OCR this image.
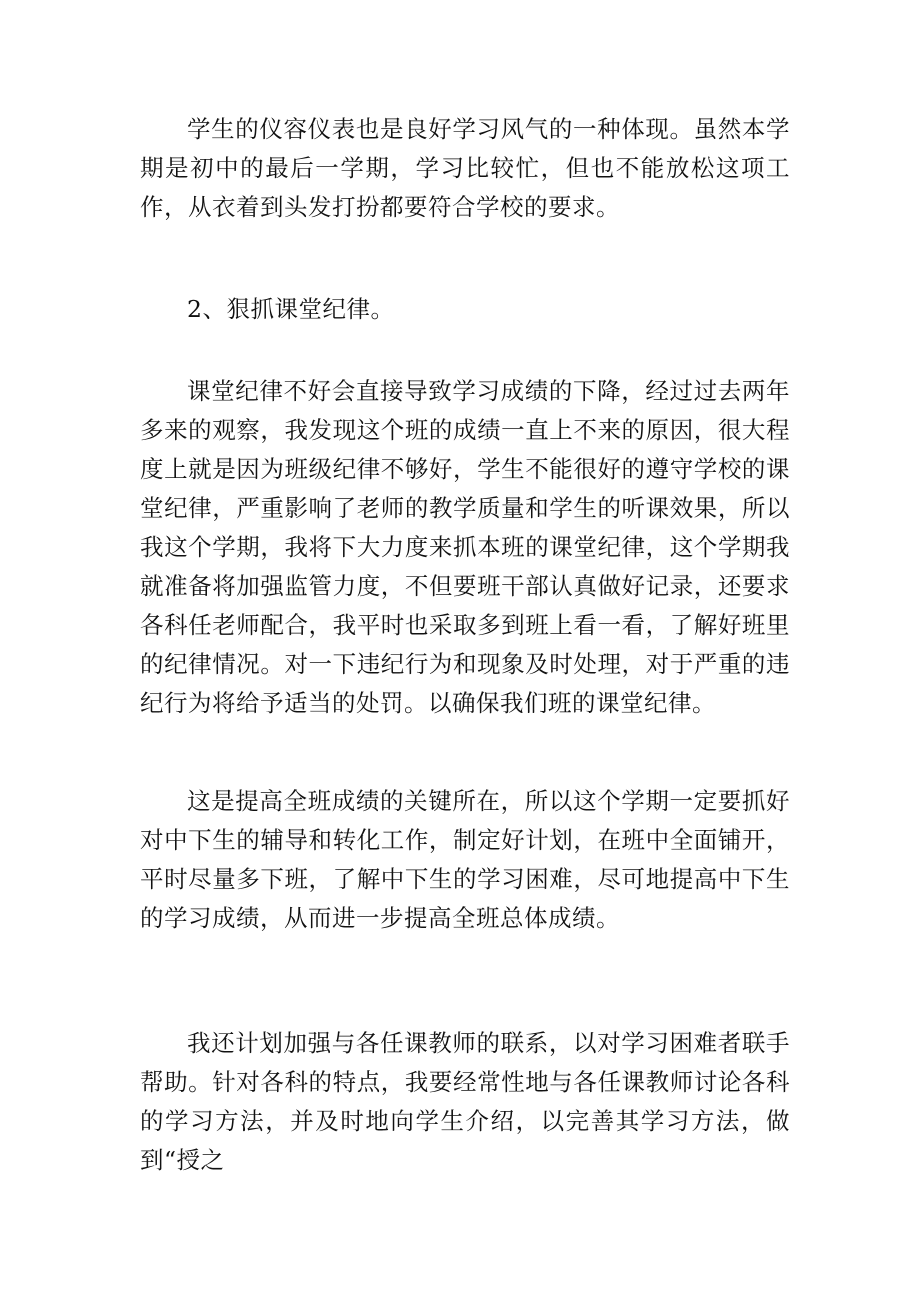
学生的仪容仪表也是良好学习风气的一种体现。虽然本学期是初中的最后一学期，学习比较忙，但也不能放松这项工作，从衣着到头发打扮都要符合学校的要求。

2、狠抓课堂纪律。

课堂纪律不好会直接导致学习成绩的下降，经过过去两年多来的观察，我发现这个班的成绩一直上不来的原因，很大程度上就是因为班级纪律不够好，学生不能很好的遵守学校的课堂纪律，严重影响了老师的教学质量和学生的听课效果，所以我这个学期，我将下大力度来抓本班的课堂纪律，这个学期我就准备将加强监管力度，不但要班干部认真做好记录，还要求各科任老师配合，我平时也采取多到班上看一看，了解好班里的纪律情况。对一下违纪行为和现象及时处理，对于严重的违纪行为将给予适当的处罚。以确保我们班的课堂纪律。

这是提高全班成绩的关键所在，所以这个学期一定要抓好对中下生的辅导和转化工作，制定好计划，在班中全面铺开，平时尽量多下班，了解中下生的学习困难，尽可地提高中下生的学习成绩，从而进一步提高全班总体成绩。

我还计划加强与各任课教师的联系，以对学习困难者联手帮助。针对各科的特点，我要经常性地与各任课教师讨论各科的学习方法，并及时地向学生介绍，以完善其学习方法，做到“授之
